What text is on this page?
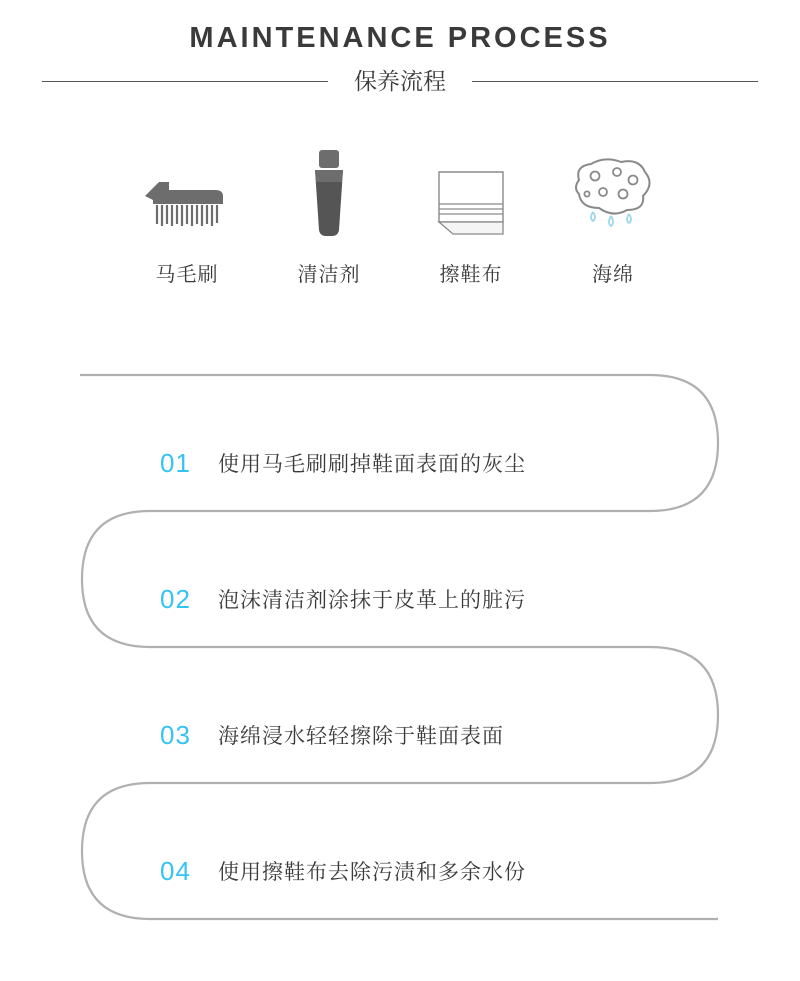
MAINTENANCE PROCESS
保养流程
马毛刷	清洁剂	擦鞋布	海绵
01	使用马毛刷刷掉鞋面表面的灰尘
02	泡沫清洁剂涂抹于皮革上的脏污
03	海绵浸水轻轻擦除于鞋面表面
04	使用擦鞋布去除污渍和多余水份
